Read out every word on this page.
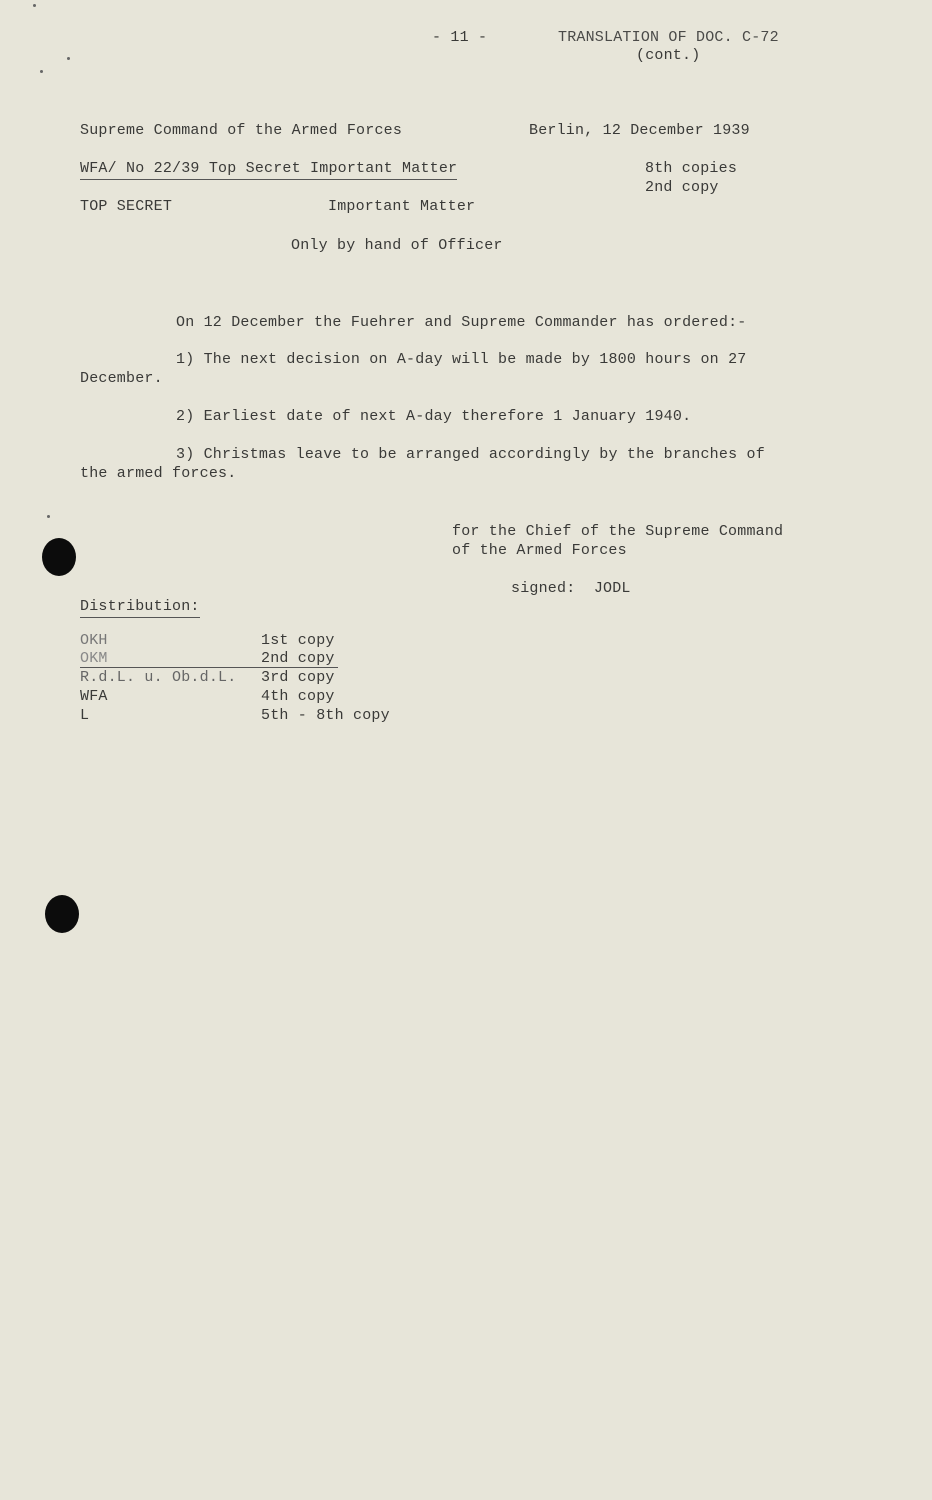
- 11 -	TRANSLATION OF DOC. C-72
(cont.)
Supreme Command of the Armed Forces	Berlin, 12 December 1939
WFA/ No 22/39 Top Secret Important Matter	8th copies
2nd copy
TOP SECRET	Important Matter
Only by hand of Officer
On 12 December the Fuehrer and Supreme Commander has ordered:-
1) The next decision on A-day will be made by 1800 hours on 27
December.
2) Earliest date of next A-day therefore 1 January 1940.
3) Christmas leave to be arranged accordingly by the branches of
the armed forces.
for the Chief of the Supreme Command
of the Armed Forces
signed:  JODL
Distribution:
OKH	1st copy
OKM	2nd copy
R.d.L. u. Ob.d.L. 3rd copy
WFA	4th copy
L	5th - 8th copy
